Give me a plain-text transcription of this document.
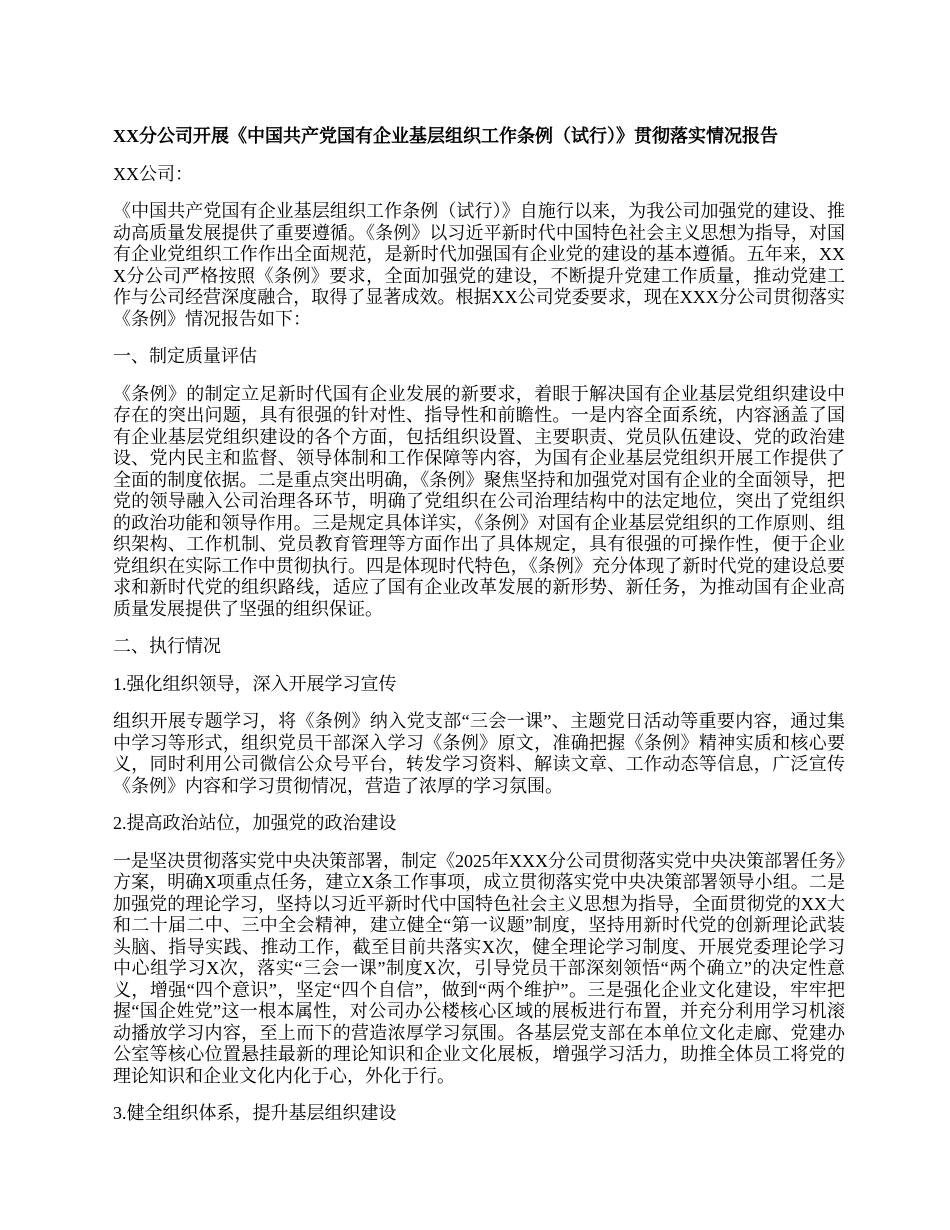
XX分公司开展《中国共产党国有企业基层组织工作条例（试行）》贯彻落实情况报告

XX公司：

《中国共产党国有企业基层组织工作条例（试行）》自施行以来，为我公司加强党的建设、推动高质量发展提供了重要遵循。《条例》以习近平新时代中国特色社会主义思想为指导，对国有企业党组织工作作出全面规范，是新时代加强国有企业党的建设的基本遵循。五年来，XXX分公司严格按照《条例》要求，全面加强党的建设，不断提升党建工作质量，推动党建工作与公司经营深度融合，取得了显著成效。根据XX公司党委要求，现在XXX分公司贯彻落实《条例》情况报告如下：

一、制定质量评估

《条例》的制定立足新时代国有企业发展的新要求，着眼于解决国有企业基层党组织建设中存在的突出问题，具有很强的针对性、指导性和前瞻性。一是内容全面系统，内容涵盖了国有企业基层党组织建设的各个方面，包括组织设置、主要职责、党员队伍建设、党的政治建设、党内民主和监督、领导体制和工作保障等内容，为国有企业基层党组织开展工作提供了全面的制度依据。二是重点突出明确，《条例》聚焦坚持和加强党对国有企业的全面领导，把党的领导融入公司治理各环节，明确了党组织在公司治理结构中的法定地位，突出了党组织的政治功能和领导作用。三是规定具体详实，《条例》对国有企业基层党组织的工作原则、组织架构、工作机制、党员教育管理等方面作出了具体规定，具有很强的可操作性，便于企业党组织在实际工作中贯彻执行。四是体现时代特色，《条例》充分体现了新时代党的建设总要求和新时代党的组织路线，适应了国有企业改革发展的新形势、新任务，为推动国有企业高质量发展提供了坚强的组织保证。

二、执行情况

1.强化组织领导，深入开展学习宣传

组织开展专题学习，将《条例》纳入党支部“三会一课”、主题党日活动等重要内容，通过集中学习等形式，组织党员干部深入学习《条例》原文，准确把握《条例》精神实质和核心要义，同时利用公司微信公众号平台，转发学习资料、解读文章、工作动态等信息，广泛宣传《条例》内容和学习贯彻情况，营造了浓厚的学习氛围。

2.提高政治站位，加强党的政治建设

一是坚决贯彻落实党中央决策部署，制定《2025年XXX分公司贯彻落实党中央决策部署任务》方案，明确X项重点任务，建立X条工作事项，成立贯彻落实党中央决策部署领导小组。二是加强党的理论学习，坚持以习近平新时代中国特色社会主义思想为指导，全面贯彻党的XX大和二十届二中、三中全会精神，建立健全“第一议题”制度，坚持用新时代党的创新理论武装头脑、指导实践、推动工作，截至目前共落实X次，健全理论学习制度、开展党委理论学习中心组学习X次，落实“三会一课”制度X次，引导党员干部深刻领悟“两个确立”的决定性意义，增强“四个意识”，坚定“四个自信”，做到“两个维护”。三是强化企业文化建设，牢牢把握“国企姓党”这一根本属性，对公司办公楼核心区域的展板进行布置，并充分利用学习机滚动播放学习内容，至上而下的营造浓厚学习氛围。各基层党支部在本单位文化走廊、党建办公室等核心位置悬挂最新的理论知识和企业文化展板，增强学习活力，助推全体员工将党的理论知识和企业文化内化于心，外化于行。

3.健全组织体系，提升基层组织建设
